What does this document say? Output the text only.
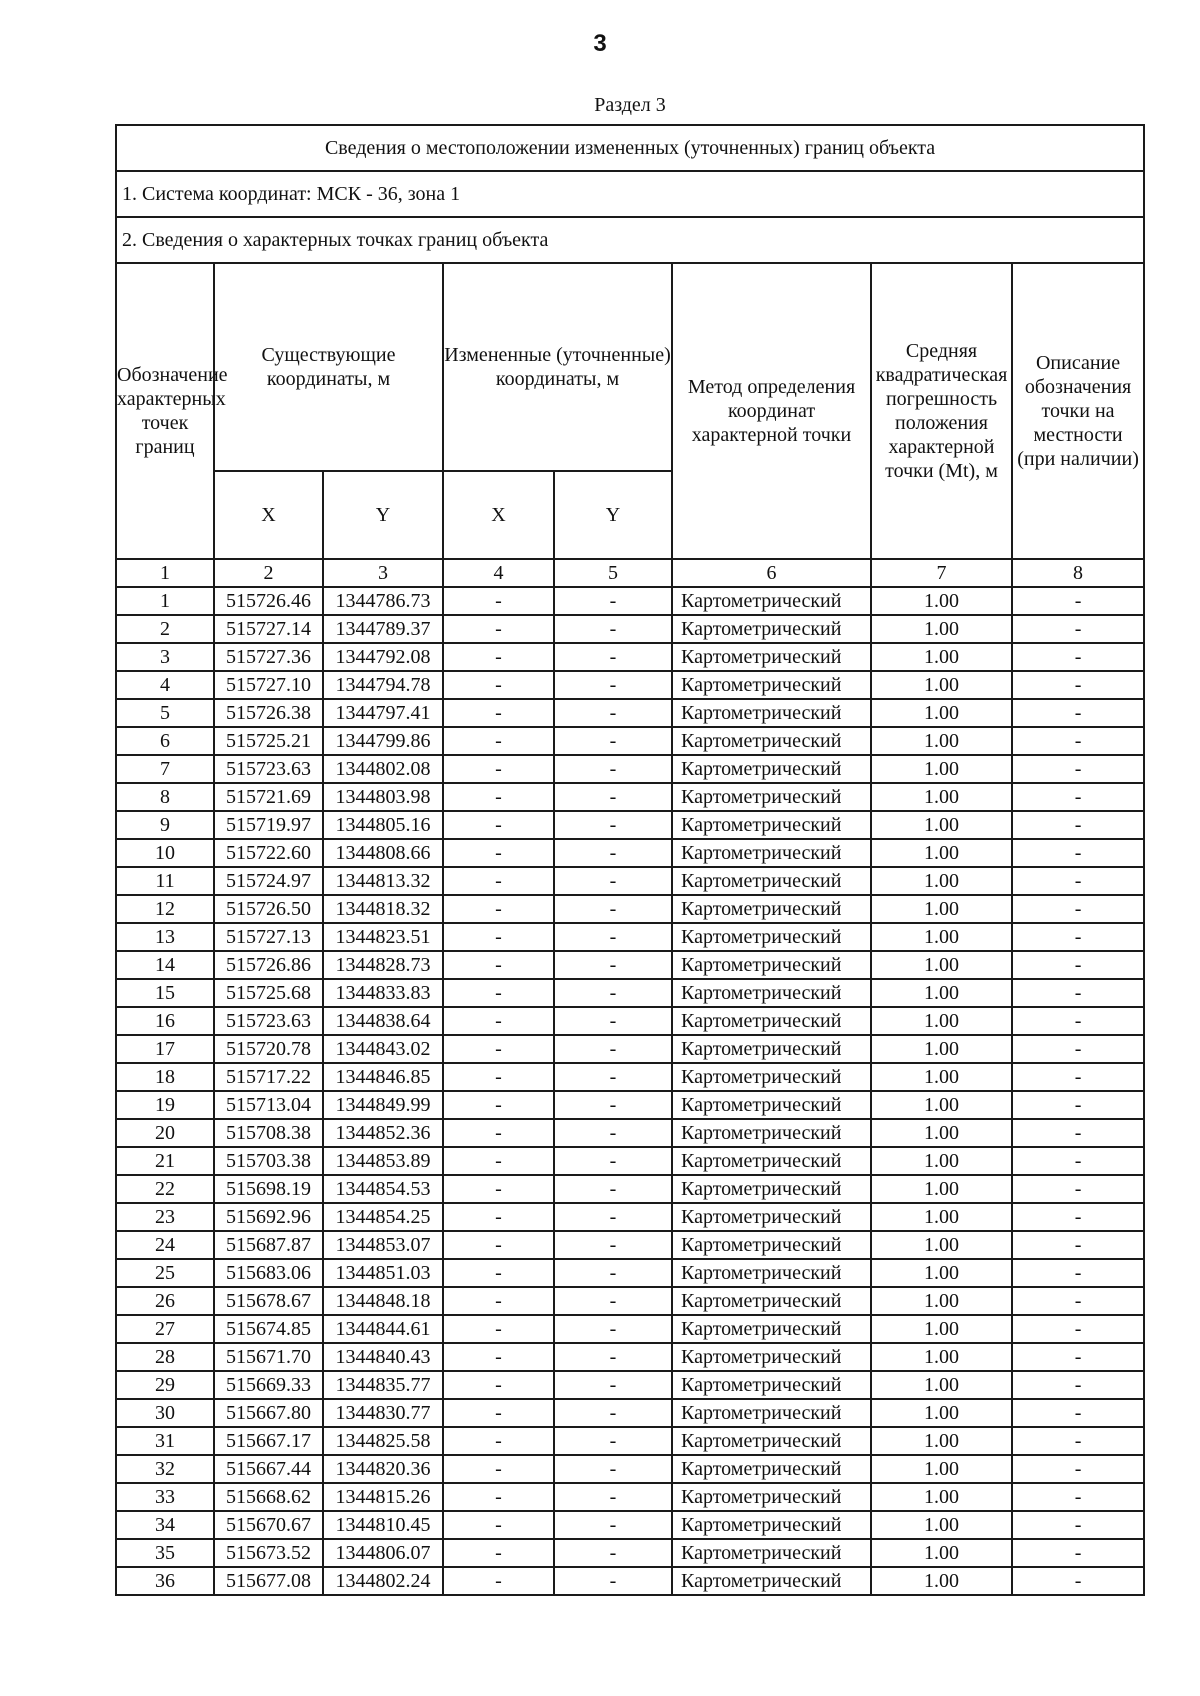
3
Раздел 3
Сведения о местоположении измененных (уточненных) границ объекта							
1. Система координат: МСК - 36, зона 1							
2. Сведения о характерных точках границ объекта							
Обозначение характерных точек границ	Существующие координаты, м		Измененные (уточненные) координаты, м		Метод определения координат характерной точки	Средняя квадратическая погрешность положения характерной точки (Mt), м	Описание обозначения точки на местности (при наличии)
	X	Y	X	Y			
1	2	3	4	5	6	7	8
1	515726.46	1344786.73	-	-	Картометрический	1.00	-
2	515727.14	1344789.37	-	-	Картометрический	1.00	-
3	515727.36	1344792.08	-	-	Картометрический	1.00	-
4	515727.10	1344794.78	-	-	Картометрический	1.00	-
5	515726.38	1344797.41	-	-	Картометрический	1.00	-
6	515725.21	1344799.86	-	-	Картометрический	1.00	-
7	515723.63	1344802.08	-	-	Картометрический	1.00	-
8	515721.69	1344803.98	-	-	Картометрический	1.00	-
9	515719.97	1344805.16	-	-	Картометрический	1.00	-
10	515722.60	1344808.66	-	-	Картометрический	1.00	-
11	515724.97	1344813.32	-	-	Картометрический	1.00	-
12	515726.50	1344818.32	-	-	Картометрический	1.00	-
13	515727.13	1344823.51	-	-	Картометрический	1.00	-
14	515726.86	1344828.73	-	-	Картометрический	1.00	-
15	515725.68	1344833.83	-	-	Картометрический	1.00	-
16	515723.63	1344838.64	-	-	Картометрический	1.00	-
17	515720.78	1344843.02	-	-	Картометрический	1.00	-
18	515717.22	1344846.85	-	-	Картометрический	1.00	-
19	515713.04	1344849.99	-	-	Картометрический	1.00	-
20	515708.38	1344852.36	-	-	Картометрический	1.00	-
21	515703.38	1344853.89	-	-	Картометрический	1.00	-
22	515698.19	1344854.53	-	-	Картометрический	1.00	-
23	515692.96	1344854.25	-	-	Картометрический	1.00	-
24	515687.87	1344853.07	-	-	Картометрический	1.00	-
25	515683.06	1344851.03	-	-	Картометрический	1.00	-
26	515678.67	1344848.18	-	-	Картометрический	1.00	-
27	515674.85	1344844.61	-	-	Картометрический	1.00	-
28	515671.70	1344840.43	-	-	Картометрический	1.00	-
29	515669.33	1344835.77	-	-	Картометрический	1.00	-
30	515667.80	1344830.77	-	-	Картометрический	1.00	-
31	515667.17	1344825.58	-	-	Картометрический	1.00	-
32	515667.44	1344820.36	-	-	Картометрический	1.00	-
33	515668.62	1344815.26	-	-	Картометрический	1.00	-
34	515670.67	1344810.45	-	-	Картометрический	1.00	-
35	515673.52	1344806.07	-	-	Картометрический	1.00	-
36	515677.08	1344802.24	-	-	Картометрический	1.00	-
